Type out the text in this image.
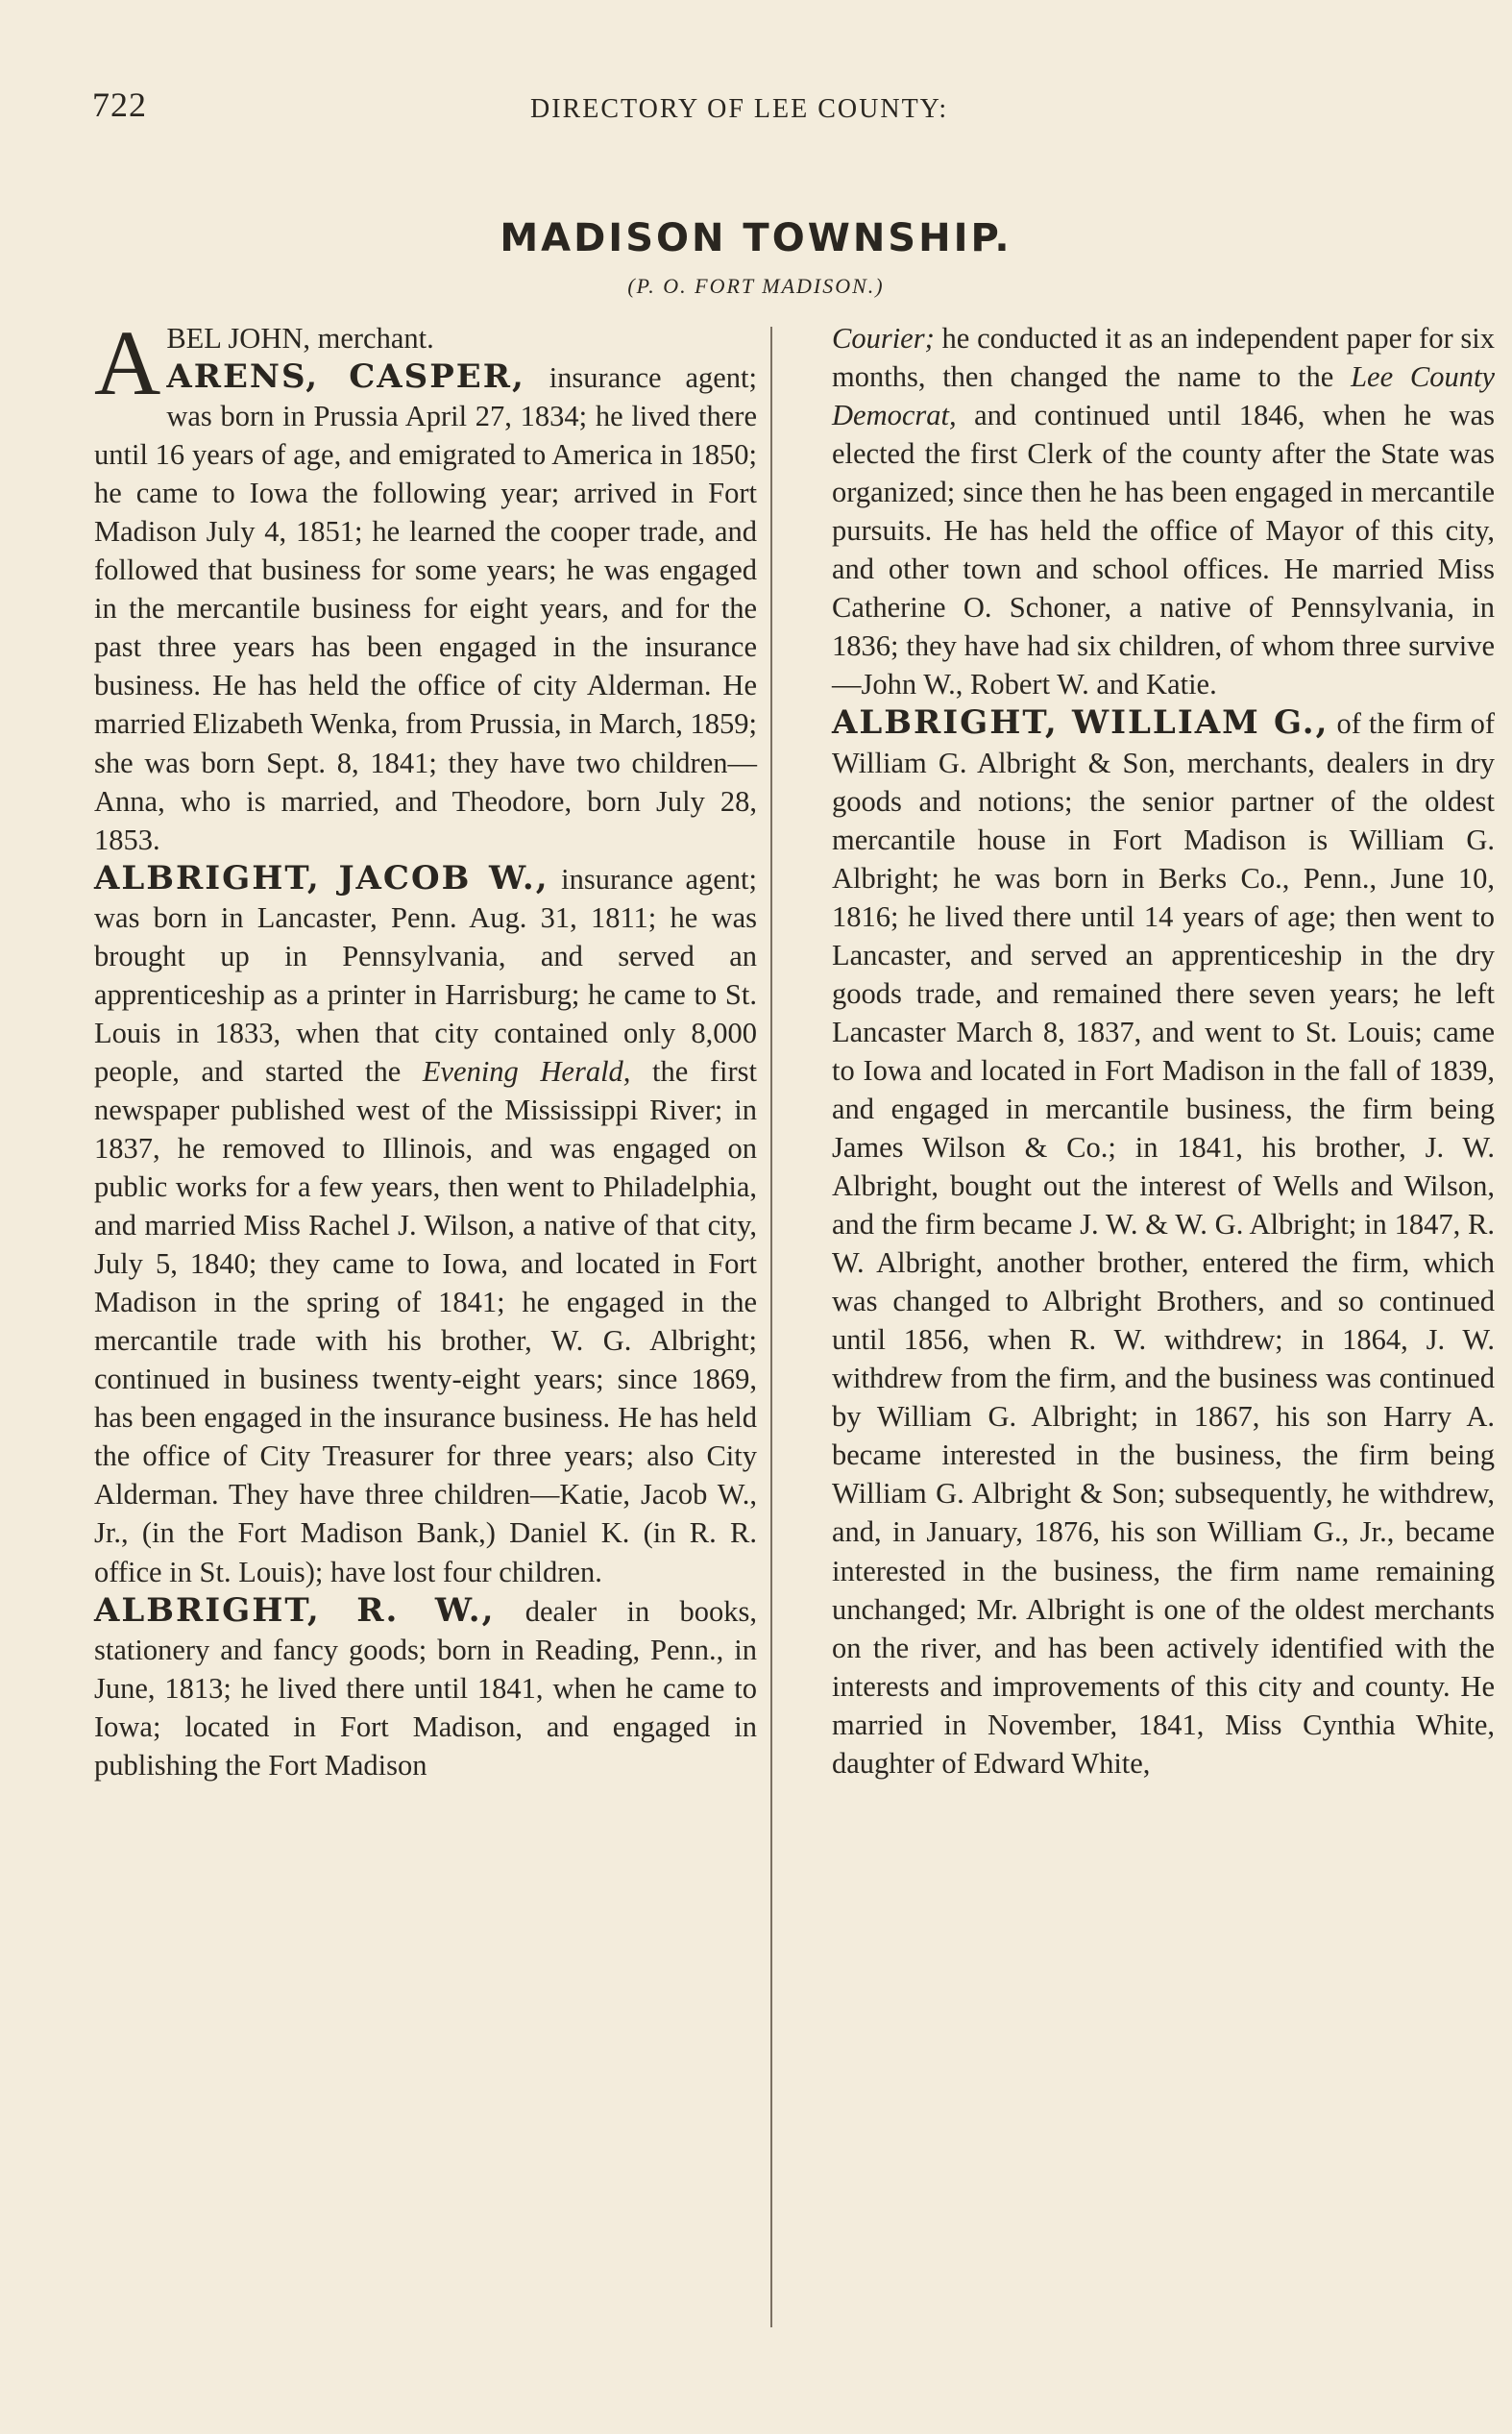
722	DIRECTORY OF LEE COUNTY:
MADISON TOWNSHIP.
(P. O. FORT MADISON.)

ABEL JOHN, merchant.

ARENS, CASPER, insurance agent; was born in Prussia April 27, 1834; he lived there until 16 years of age, and emigrated to America in 1850; he came to Iowa the following year; arrived in Fort Madison July 4, 1851; he learned the cooper trade, and followed that business for some years; he was engaged in the mercantile business for eight years, and for the past three years has been engaged in the insurance business. He has held the office of city Alderman. He married Elizabeth Wenka, from Prussia, in March, 1859; she was born Sept. 8, 1841; they have two children—Anna, who is married, and Theodore, born July 28, 1853.

ALBRIGHT, JACOB W., insurance agent; was born in Lancaster, Penn. Aug. 31, 1811; he was brought up in Pennsylvania, and served an apprenticeship as a printer in Harrisburg; he came to St. Louis in 1833, when that city contained only 8,000 people, and started the Evening Herald, the first newspaper published west of the Mississippi River; in 1837, he removed to Illinois, and was engaged on public works for a few years, then went to Philadelphia, and married Miss Rachel J. Wilson, a native of that city, July 5, 1840; they came to Iowa, and located in Fort Madison in the spring of 1841; he engaged in the mercantile trade with his brother, W. G. Albright; continued in business twenty-eight years; since 1869, has been engaged in the insurance business. He has held the office of City Treasurer for three years; also City Alderman. They have three children—Katie, Jacob W., Jr., (in the Fort Madison Bank,) Daniel K. (in R. R. office in St. Louis); have lost four children.

ALBRIGHT, R. W., dealer in books, stationery and fancy goods; born in Reading, Penn., in June, 1813; he lived there until 1841, when he came to Iowa; located in Fort Madison, and engaged in publishing the Fort Madison

Courier; he conducted it as an independent paper for six months, then changed the name to the Lee County Democrat, and continued until 1846, when he was elected the first Clerk of the county after the State was organized; since then he has been engaged in mercantile pursuits. He has held the office of Mayor of this city, and other town and school offices. He married Miss Catherine O. Schoner, a native of Pennsylvania, in 1836; they have had six children, of whom three survive—John W., Robert W. and Katie.

ALBRIGHT, WILLIAM G., of the firm of William G. Albright & Son, merchants, dealers in dry goods and notions; the senior partner of the oldest mercantile house in Fort Madison is William G. Albright; he was born in Berks Co., Penn., June 10, 1816; he lived there until 14 years of age; then went to Lancaster, and served an apprenticeship in the dry goods trade, and remained there seven years; he left Lancaster March 8, 1837, and went to St. Louis; came to Iowa and located in Fort Madison in the fall of 1839, and engaged in mercantile business, the firm being James Wilson & Co.; in 1841, his brother, J. W. Albright, bought out the interest of Wells and Wilson, and the firm became J. W. & W. G. Albright; in 1847, R. W. Albright, another brother, entered the firm, which was changed to Albright Brothers, and so continued until 1856, when R. W. withdrew; in 1864, J. W. withdrew from the firm, and the business was continued by William G. Albright; in 1867, his son Harry A. became interested in the business, the firm being William G. Albright & Son; subsequently, he withdrew, and, in January, 1876, his son William G., Jr., became interested in the business, the firm name remaining unchanged; Mr. Albright is one of the oldest merchants on the river, and has been actively identified with the interests and improvements of this city and county. He married in November, 1841, Miss Cynthia White, daughter of Edward White,
